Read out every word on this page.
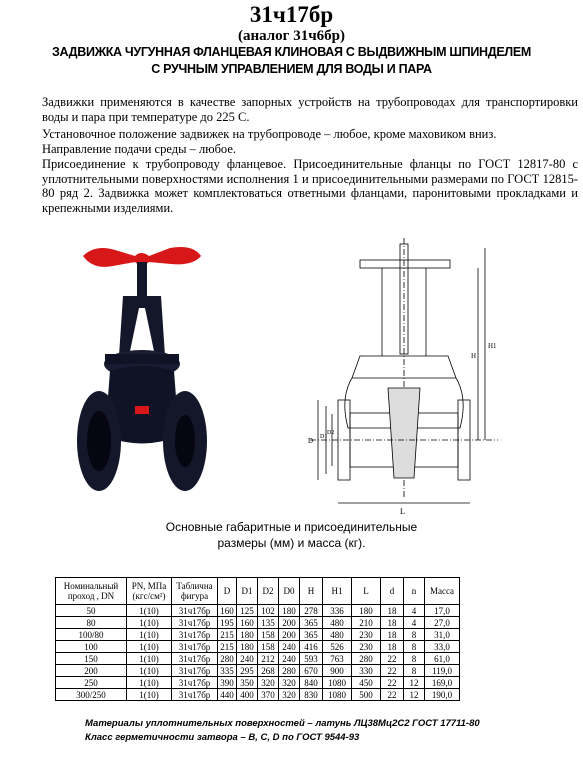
31ч17бр
(аналог 31ч6бр)
ЗАДВИЖКА ЧУГУННАЯ ФЛАНЦЕВАЯ КЛИНОВАЯ С ВЫДВИЖНЫМ ШПИНДЕЛЕМ
С РУЧНЫМ УПРАВЛЕНИЕМ ДЛЯ ВОДЫ И ПАРА

Задвижки применяются в качестве запорных устройств на трубопроводах для транспортировки воды и пара при температуре до 225 С.

Установочное положение задвижек на трубопроводе – любое, кроме маховиком вниз.

Направление подачи среды – любое.

Присоединение к трубопроводу фланцевое. Присоединительные фланцы по ГОСТ 12817-80 с уплотнительными поверхностями исполнения 1 и присоединительными размерами по ГОСТ 12815-80 ряд 2. Задвижка может комплектоваться ответными фланцами, паронитовыми прокладками и крепежными изделиями.

L
H1
H
D D1
D2
Основные габаритные и присоединительные
размеры (мм) и масса (кг).
Номинальный проход , DN	PN, МПа (кгс/см²)	Таблична фигура	D	D1	D2	D0	H	H1	L	d	n	Масса
50	1(10)	31ч17бр	160	125	102	180	278	336	180	18	4	17,0
80	1(10)	31ч17бр	195	160	135	200	365	480	210	18	4	27,0
100/80	1(10)	31ч17бр	215	180	158	200	365	480	230	18	8	31,0
100	1(10)	31ч17бр	215	180	158	240	416	526	230	18	8	33,0
150	1(10)	31ч17бр	280	240	212	240	593	763	280	22	8	61,0
200	1(10)	31ч17бр	335	295	268	280	670	900	330	22	8	119,0
250	1(10)	31ч17бр	390	350	320	320	840	1080	450	22	12	169,0
300/250	1(10)	31ч17бр	440	400	370	320	830	1080	500	22	12	190,0
Материалы уплотнительных поверхностей – латунь ЛЦ38Мц2С2 ГОСТ 17711-80
Класс герметичности затвора – В, С, D по ГОСТ 9544-93
